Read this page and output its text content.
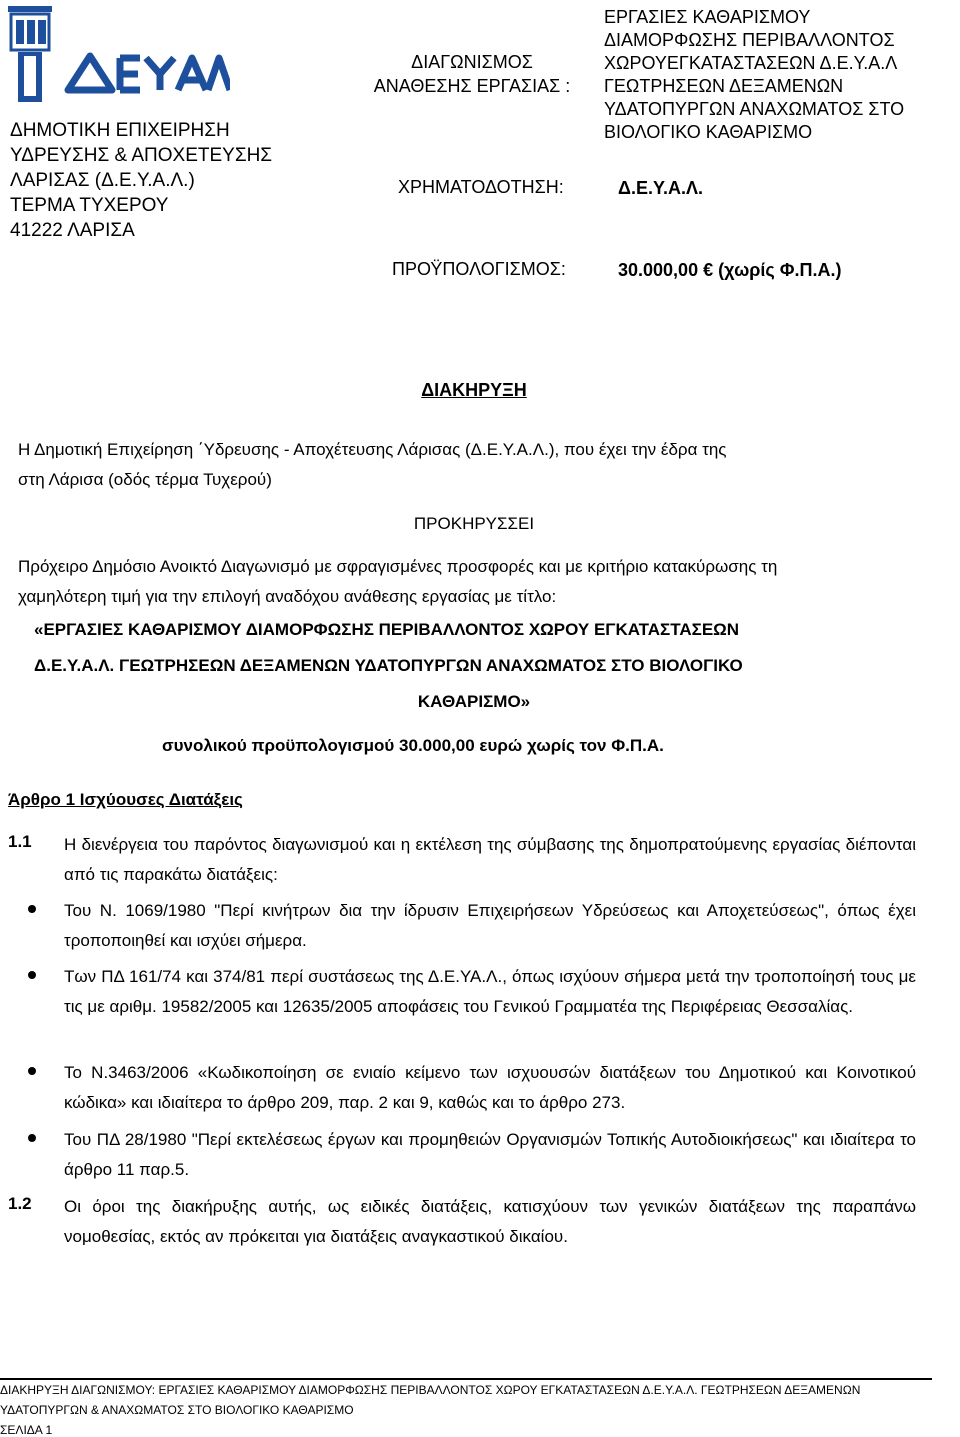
ΔΕΥΑΛ
ΔΗΜΟΤΙΚΗ ΕΠΙΧΕΙΡΗΣΗ
ΥΔΡΕΥΣΗΣ & ΑΠΟΧΕΤΕΥΣΗΣ
ΛΑΡΙΣΑΣ (Δ.Ε.Υ.Α.Λ.)
ΤΕΡΜΑ ΤΥΧΕΡΟΥ
41222 ΛΑΡΙΣΑ
ΔΙΑΓΩΝΙΣΜΟΣ
ΑΝΑΘΕΣΗΣ ΕΡΓΑΣΙΑΣ :
ΕΡΓΑΣΙΕΣ ΚΑΘΑΡΙΣΜΟΥ
ΔΙΑΜΟΡΦΩΣΗΣ ΠΕΡΙΒΑΛΛΟΝΤΟΣ
ΧΩΡΟΥΕΓΚΑΤΑΣΤΑΣΕΩΝ Δ.Ε.Υ.Α.Λ
ΓΕΩΤΡΗΣΕΩΝ ΔΕΞΑΜΕΝΩΝ
ΥΔΑΤΟΠΥΡΓΩΝ ΑΝΑΧΩΜΑΤΟΣ ΣΤΟ
ΒΙΟΛΟΓΙΚΟ ΚΑΘΑΡΙΣΜΟ
ΧΡΗΜΑΤΟΔΟΤΗΣΗ:	Δ.Ε.Υ.Α.Λ.
ΠΡΟΫΠΟΛΟΓΙΣΜΟΣ:	30.000,00 € (χωρίς Φ.Π.Α.)
ΔΙΑΚΗΡΥΞΗ
Η Δημοτική Επιχείρηση ΄Υδρευσης - Αποχέτευσης Λάρισας (Δ.Ε.Υ.Α.Λ.), που έχει την έδρα της
στη Λάρισα (οδός τέρμα Τυχερού)
ΠΡΟΚΗΡΥΣΣΕΙ
Πρόχειρο Δημόσιο Ανοικτό Διαγωνισμό με σφραγισμένες προσφορές και με κριτήριο κατακύρωσης τη
χαμηλότερη τιμή για την επιλογή αναδόχου ανάθεσης εργασίας με τίτλο:
«ΕΡΓΑΣΙΕΣ ΚΑΘΑΡΙΣΜΟΥ ΔΙΑΜΟΡΦΩΣΗΣ ΠΕΡΙΒΑΛΛΟΝΤΟΣ ΧΩΡΟΥ ΕΓΚΑΤΑΣΤΑΣΕΩΝ
Δ.Ε.Υ.Α.Λ. ΓΕΩΤΡΗΣΕΩΝ ΔΕΞΑΜΕΝΩΝ ΥΔΑΤΟΠΥΡΓΩΝ ΑΝΑΧΩΜΑΤΟΣ ΣΤΟ ΒΙΟΛΟΓΙΚΟ
ΚΑΘΑΡΙΣΜΟ»
συνολικού προϋπολογισμού 30.000,00 ευρώ χωρίς τον Φ.Π.Α.
Άρθρο 1 Ισχύουσες Διατάξεις
1.1 Η διενέργεια του παρόντος διαγωνισμού και η εκτέλεση της σύμβασης της δημοπρατούμενης εργασίας διέπονται από τις παρακάτω διατάξεις:
Του Ν. 1069/1980 "Περί κινήτρων δια την ίδρυσιν Επιχειρήσεων Υδρεύσεως και Αποχετεύσεως", όπως έχει τροποποιηθεί και ισχύει σήμερα.
Των ΠΔ 161/74 και 374/81 περί συστάσεως της Δ.Ε.ΥΑ.Λ., όπως ισχύουν σήμερα μετά την τροποποίησή τους με τις με αριθμ. 19582/2005 και 12635/2005 αποφάσεις του Γενικού Γραμματέα της Περιφέρειας Θεσσαλίας.
Το Ν.3463/2006 «Κωδικοποίηση σε ενιαίο κείμενο των ισχυουσών διατάξεων του Δημοτικού και Κοινοτικού κώδικα» και ιδιαίτερα το άρθρο 209, παρ. 2 και 9, καθώς και το άρθρο 273.
Του ΠΔ 28/1980 "Περί εκτελέσεως έργων και προμηθειών Οργανισμών Τοπικής Αυτοδιοικήσεως" και ιδιαίτερα το άρθρο 11 παρ.5.
1.2 Οι όροι της διακήρυξης αυτής, ως ειδικές διατάξεις, κατισχύουν των γενικών διατάξεων της παραπάνω νομοθεσίας, εκτός αν πρόκειται για διατάξεις αναγκαστικού δικαίου.
ΔΙΑΚΗΡΥΞΗ ΔΙΑΓΩΝΙΣΜΟΥ: ΕΡΓΑΣΙΕΣ ΚΑΘΑΡΙΣΜΟΥ ΔΙΑΜΟΡΦΩΣΗΣ ΠΕΡΙΒΑΛΛΟΝΤΟΣ ΧΩΡΟΥ ΕΓΚΑΤΑΣΤΑΣΕΩΝ Δ.Ε.Υ.Α.Λ. ΓΕΩΤΡΗΣΕΩΝ ΔΕΞΑΜΕΝΩΝ
ΥΔΑΤΟΠΥΡΓΩΝ & ΑΝΑΧΩΜΑΤΟΣ ΣΤΟ ΒΙΟΛΟΓΙΚΟ ΚΑΘΑΡΙΣΜΟ
ΣΕΛΙΔΑ 1
